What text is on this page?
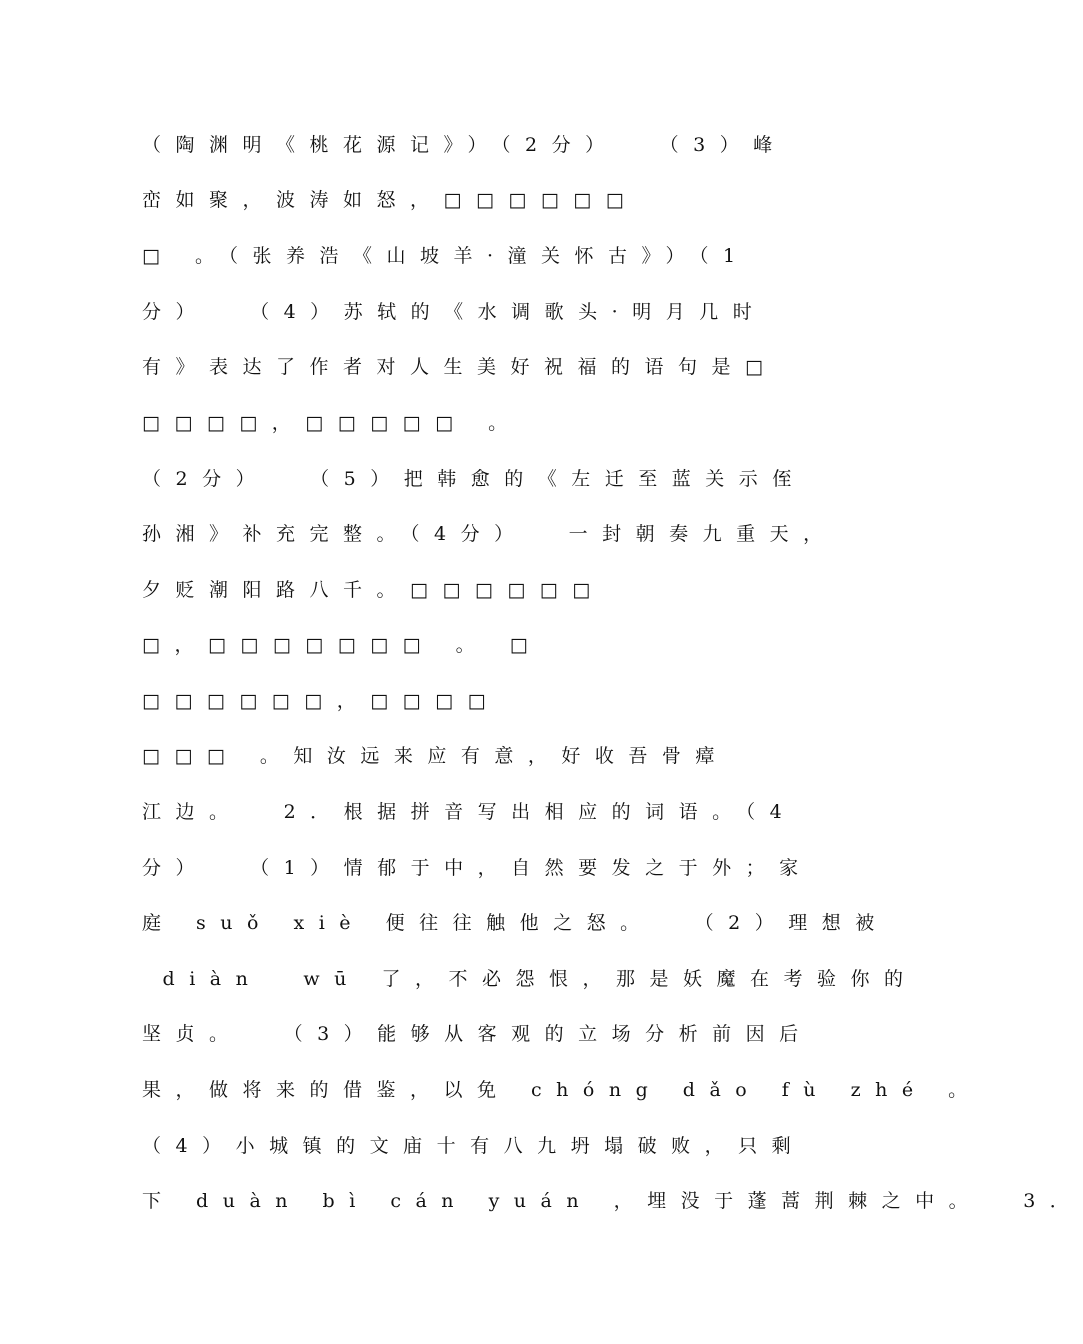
（陶渊明《桃花源记》）（2分）  （3）峰
峦如聚，波涛如怒，□□□□□□
□ 。（张养浩《山坡羊·潼关怀古》）（1
分）  （4）苏轼的《水调歌头·明月几时
有》表达了作者对人生美好祝福的语句是□
□□□□，□□□□□ 。
（2分）  （5）把韩愈的《左迁至蓝关示侄
孙湘》补充完整。（4分）  一封朝奏九重天，
夕贬潮阳路八千。□□□□□□
□，□□□□□□□ 。 □
□□□□□□，□□□□
□□□ 。知汝远来应有意，好收吾骨瘴
江边。  2．根据拼音写出相应的词语。（4
分）  （1）情郁于中，自然要发之于外；家
庭 suǒ xiè 便往往触他之怒。  （2）理想被
diàn  wū 了，不必怨恨，那是妖魔在考验你的
坚贞。  （3）能够从客观的立场分析前因后
果，做将来的借鉴，以免 chóng dǎo fù zhé 。
（4）小城镇的文庙十有八九坍塌破败，只剩
下 duàn bì cán yuán ，埋没于蓬蒿荆棘之中。  3．
